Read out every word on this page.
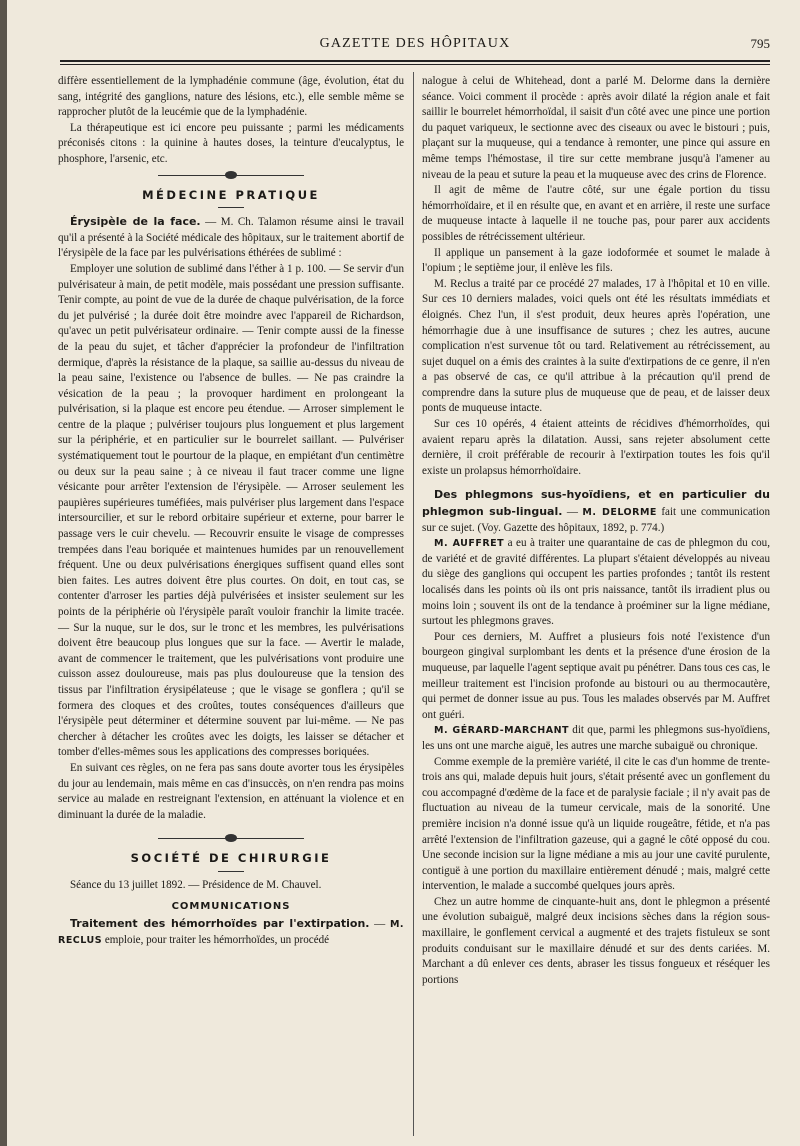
GAZETTE DES HÔPITAUX	795

diffère essentiellement de la lymphadénie commune (âge, évolution, état du sang, intégrité des ganglions, nature des lésions, etc.), elle semble même se rapprocher plutôt de la leucémie que de la lymphadénie.

La thérapeutique est ici encore peu puissante ; parmi les médicaments préconisés citons : la quinine à hautes doses, la teinture d'eucalyptus, le phosphore, l'arsenic, etc.

MÉDECINE PRATIQUE

Érysipèle de la face. — M. Ch. Talamon résume ainsi le travail qu'il a présenté à la Société médicale des hôpitaux, sur le traitement abortif de l'érysipèle de la face par les pulvérisations éthérées de sublimé :

Employer une solution de sublimé dans l'éther à 1 p. 100. — Se servir d'un pulvérisateur à main, de petit modèle, mais possédant une pression suffisante. Tenir compte, au point de vue de la durée de chaque pulvérisation, de la force du jet pulvérisé ; la durée doit être moindre avec l'appareil de Richardson, qu'avec un petit pulvérisateur ordinaire. — Tenir compte aussi de la finesse de la peau du sujet, et tâcher d'apprécier la profondeur de l'infiltration dermique, d'après la résistance de la plaque, sa saillie au-dessus du niveau de la peau saine, l'existence ou l'absence de bulles. — Ne pas craindre la vésication de la peau ; la provoquer hardiment en prolongeant la pulvérisation, si la plaque est encore peu étendue. — Arroser simplement le centre de la plaque ; pulvériser toujours plus longuement et plus largement sur la périphérie, et en particulier sur le bourrelet saillant. — Pulvériser systématiquement tout le pourtour de la plaque, en empiétant d'un centimètre ou deux sur la peau saine ; à ce niveau il faut tracer comme une ligne vésicante pour arrêter l'extension de l'érysipèle. — Arroser seulement les paupières supérieures tuméfiées, mais pulvériser plus largement dans l'espace intersourcilier, et sur le rebord orbitaire supérieur et externe, pour barrer le passage vers le cuir chevelu. — Recouvrir ensuite le visage de compresses trempées dans l'eau boriquée et maintenues humides par un renouvellement fréquent. Une ou deux pulvérisations énergiques suffisent quand elles sont bien faites. Les autres doivent être plus courtes. On doit, en tout cas, se contenter d'arroser les parties déjà pulvérisées et insister seulement sur les points de la périphérie où l'érysipèle paraît vouloir franchir la limite tracée. — Sur la nuque, sur le dos, sur le tronc et les membres, les pulvérisations doivent être beaucoup plus longues que sur la face. — Avertir le malade, avant de commencer le traitement, que les pulvérisations vont produire une cuisson assez douloureuse, mais pas plus douloureuse que la tension des tissus par l'infiltration érysipélateuse ; que le visage se gonflera ; qu'il se formera des cloques et des croûtes, toutes conséquences d'ailleurs que l'érysipèle peut déterminer et détermine souvent par lui-même. — Ne pas chercher à détacher les croûtes avec les doigts, les laisser se détacher et tomber d'elles-mêmes sous les applications des compresses boriquées.

En suivant ces règles, on ne fera pas sans doute avorter tous les érysipèles du jour au lendemain, mais même en cas d'insuccès, on n'en rendra pas moins service au malade en restreignant l'extension, en atténuant la violence et en diminuant la durée de la maladie.

SOCIÉTÉ DE CHIRURGIE

Séance du 13 juillet 1892. — Présidence de M. Chauvel.

COMMUNICATIONS

Traitement des hémorrhoïdes par l'extirpation. — M. RECLUS emploie, pour traiter les hémorrhoïdes, un procédé

nalogue à celui de Whitehead, dont a parlé M. Delorme dans la dernière séance. Voici comment il procède : après avoir dilaté la région anale et fait saillir le bourrelet hémorrhoïdal, il saisit d'un côté avec une pince une portion du paquet variqueux, le sectionne avec des ciseaux ou avec le bistouri ; puis, plaçant sur la muqueuse, qui a tendance à remonter, une pince qui assure en même temps l'hémostase, il tire sur cette membrane jusqu'à l'amener au niveau de la peau et suture la peau et la muqueuse avec des crins de Florence.

Il agit de même de l'autre côté, sur une égale portion du tissu hémorrhoïdaire, et il en résulte que, en avant et en arrière, il reste une surface de muqueuse intacte à laquelle il ne touche pas, pour parer aux accidents possibles de rétrécissement ultérieur.

Il applique un pansement à la gaze iodoformée et soumet le malade à l'opium ; le septième jour, il enlève les fils.

M. Reclus a traité par ce procédé 27 malades, 17 à l'hôpital et 10 en ville. Sur ces 10 derniers malades, voici quels ont été les résultats immédiats et éloignés. Chez l'un, il s'est produit, deux heures après l'opération, une hémorrhagie due à une insuffisance de sutures ; chez les autres, aucune complication n'est survenue tôt ou tard. Relativement au rétrécissement, au sujet duquel on a émis des craintes à la suite d'extirpations de ce genre, il n'en a pas observé de cas, ce qu'il attribue à la précaution qu'il prend de comprendre dans la suture plus de muqueuse que de peau, et de laisser deux ponts de muqueuse intacte.

Sur ces 10 opérés, 4 étaient atteints de récidives d'hémorrhoïdes, qui avaient reparu après la dilatation. Aussi, sans rejeter absolument cette dernière, il croit préférable de recourir à l'extirpation toutes les fois qu'il existe un prolapsus hémorrhoïdaire.

Des phlegmons sus-hyoïdiens, et en particulier du phlegmon sub-lingual. — M. DELORME fait une communication sur ce sujet. (Voy. Gazette des hôpitaux, 1892, p. 774.)

M. AUFFRET a eu à traiter une quarantaine de cas de phlegmon du cou, de variété et de gravité différentes. La plupart s'étaient développés au niveau du siège des ganglions qui occupent les parties profondes ; tantôt ils restent localisés dans les points où ils ont pris naissance, tantôt ils irradient plus ou moins loin ; souvent ils ont de la tendance à proéminer sur la ligne médiane, surtout les phlegmons graves.

Pour ces derniers, M. Auffret a plusieurs fois noté l'existence d'un bourgeon gingival surplombant les dents et la présence d'une érosion de la muqueuse, par laquelle l'agent septique avait pu pénétrer. Dans tous ces cas, le meilleur traitement est l'incision profonde au bistouri ou au thermocautère, qui permet de donner issue au pus. Tous les malades observés par M. Auffret ont guéri.

M. GÉRARD-MARCHANT dit que, parmi les phlegmons sus-hyoïdiens, les uns ont une marche aiguë, les autres une marche subaiguë ou chronique.

Comme exemple de la première variété, il cite le cas d'un homme de trente-trois ans qui, malade depuis huit jours, s'était présenté avec un gonflement du cou accompagné d'œdème de la face et de paralysie faciale ; il n'y avait pas de fluctuation au niveau de la tumeur cervicale, mais de la sonorité. Une première incision n'a donné issue qu'à un liquide rougeâtre, fétide, et n'a pas arrêté l'extension de l'infiltration gazeuse, qui a gagné le côté opposé du cou. Une seconde incision sur la ligne médiane a mis au jour une cavité purulente, contiguë à une portion du maxillaire entièrement dénudé ; mais, malgré cette intervention, le malade a succombé quelques jours après.

Chez un autre homme de cinquante-huit ans, dont le phlegmon a présenté une évolution subaiguë, malgré deux incisions sèches dans la région sous-maxillaire, le gonflement cervical a augmenté et des trajets fistuleux se sont produits conduisant sur le maxillaire dénudé et sur des dents cariées. M. Marchant a dû enlever ces dents, abraser les tissus fongueux et réséquer les portions
